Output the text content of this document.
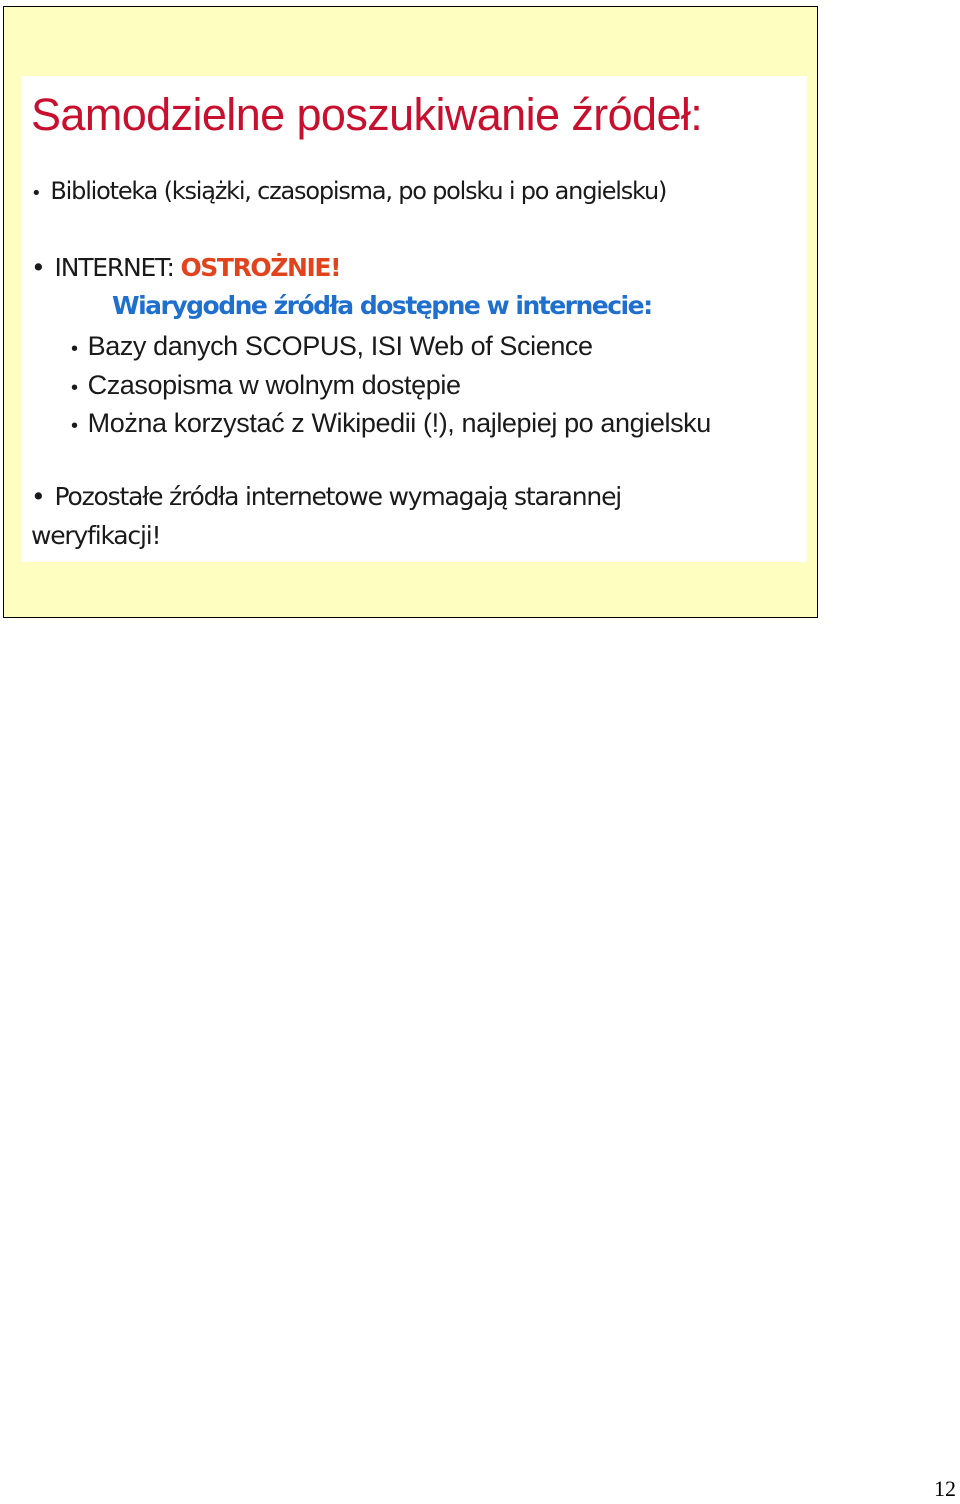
Samodzielne poszukiwanie źródeł:
• Biblioteka (książki, czasopisma, po polsku i po angielsku)
• INTERNET: OSTROŻNIE!
Wiarygodne źródła dostępne w internecie:
• Bazy danych SCOPUS, ISI Web of Science
• Czasopisma w wolnym dostępie
• Można korzystać z Wikipedii (!), najlepiej po angielsku
• Pozostałe źródła internetowe wymagają starannej
weryfikacji!
12
